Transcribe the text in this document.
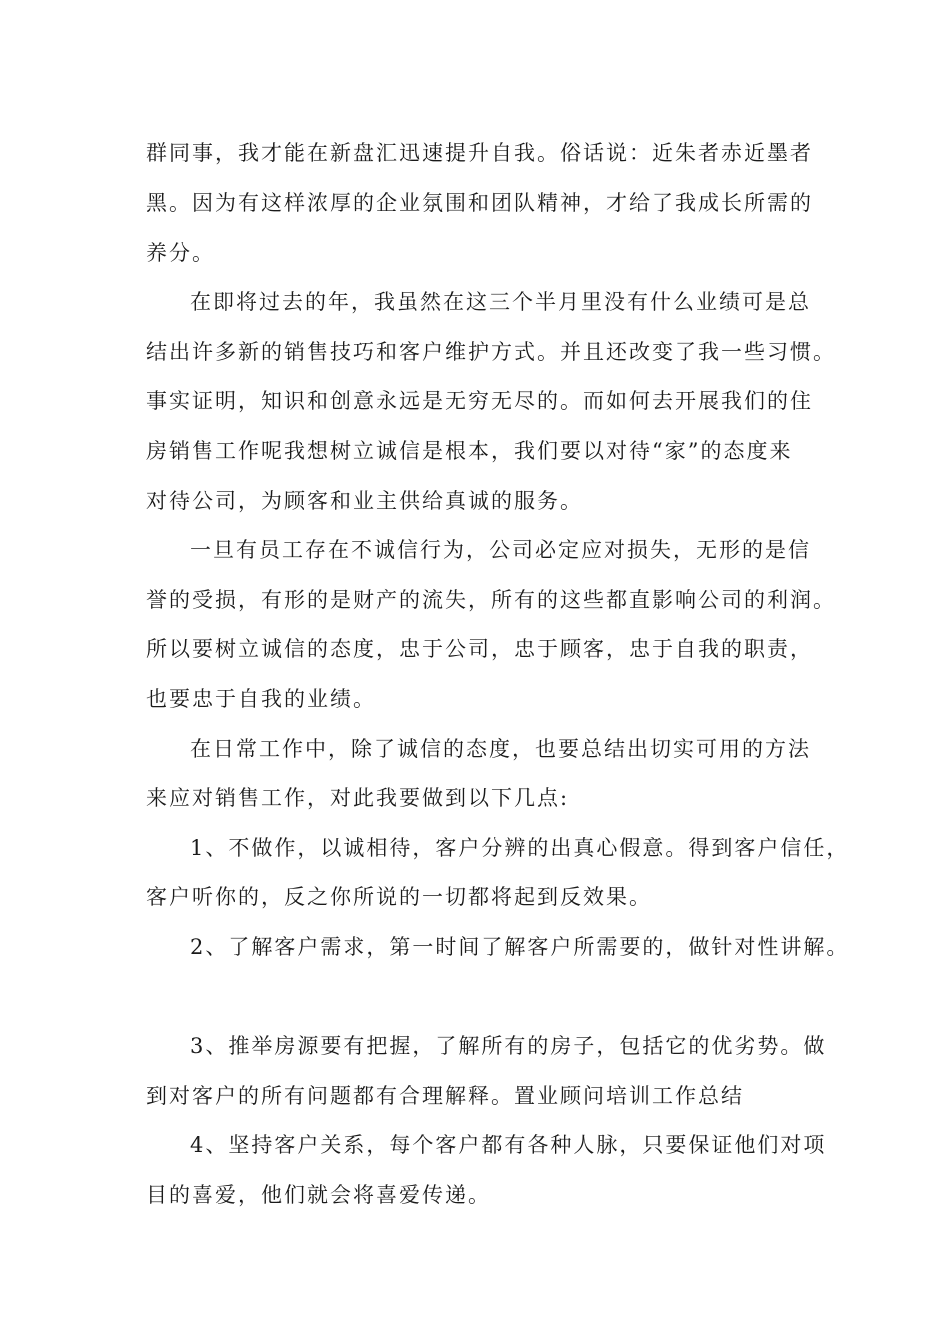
群同事，我才能在新盘汇迅速提升自我。俗话说：近朱者赤近墨者

黑。因为有这样浓厚的企业氛围和团队精神，才给了我成长所需的

养分。

在即将过去的年，我虽然在这三个半月里没有什么业绩可是总

结出许多新的销售技巧和客户维护方式。并且还改变了我一些习惯。

事实证明，知识和创意永远是无穷无尽的。而如何去开展我们的住

房销售工作呢我想树立诚信是根本，我们要以对待“家”的态度来

对待公司，为顾客和业主供给真诚的服务。

一旦有员工存在不诚信行为，公司必定应对损失，无形的是信

誉的受损，有形的是财产的流失，所有的这些都直影响公司的利润。

所以要树立诚信的态度，忠于公司，忠于顾客，忠于自我的职责，

也要忠于自我的业绩。

在日常工作中，除了诚信的态度，也要总结出切实可用的方法

来应对销售工作，对此我要做到以下几点:

1、不做作，以诚相待，客户分辨的出真心假意。得到客户信任，

客户听你的，反之你所说的一切都将起到反效果。

2、了解客户需求，第一时间了解客户所需要的，做针对性讲解。

3、推举房源要有把握，了解所有的房子，包括它的优劣势。做

到对客户的所有问题都有合理解释。置业顾问培训工作总结

4、坚持客户关系，每个客户都有各种人脉，只要保证他们对项

目的喜爱，他们就会将喜爱传递。
